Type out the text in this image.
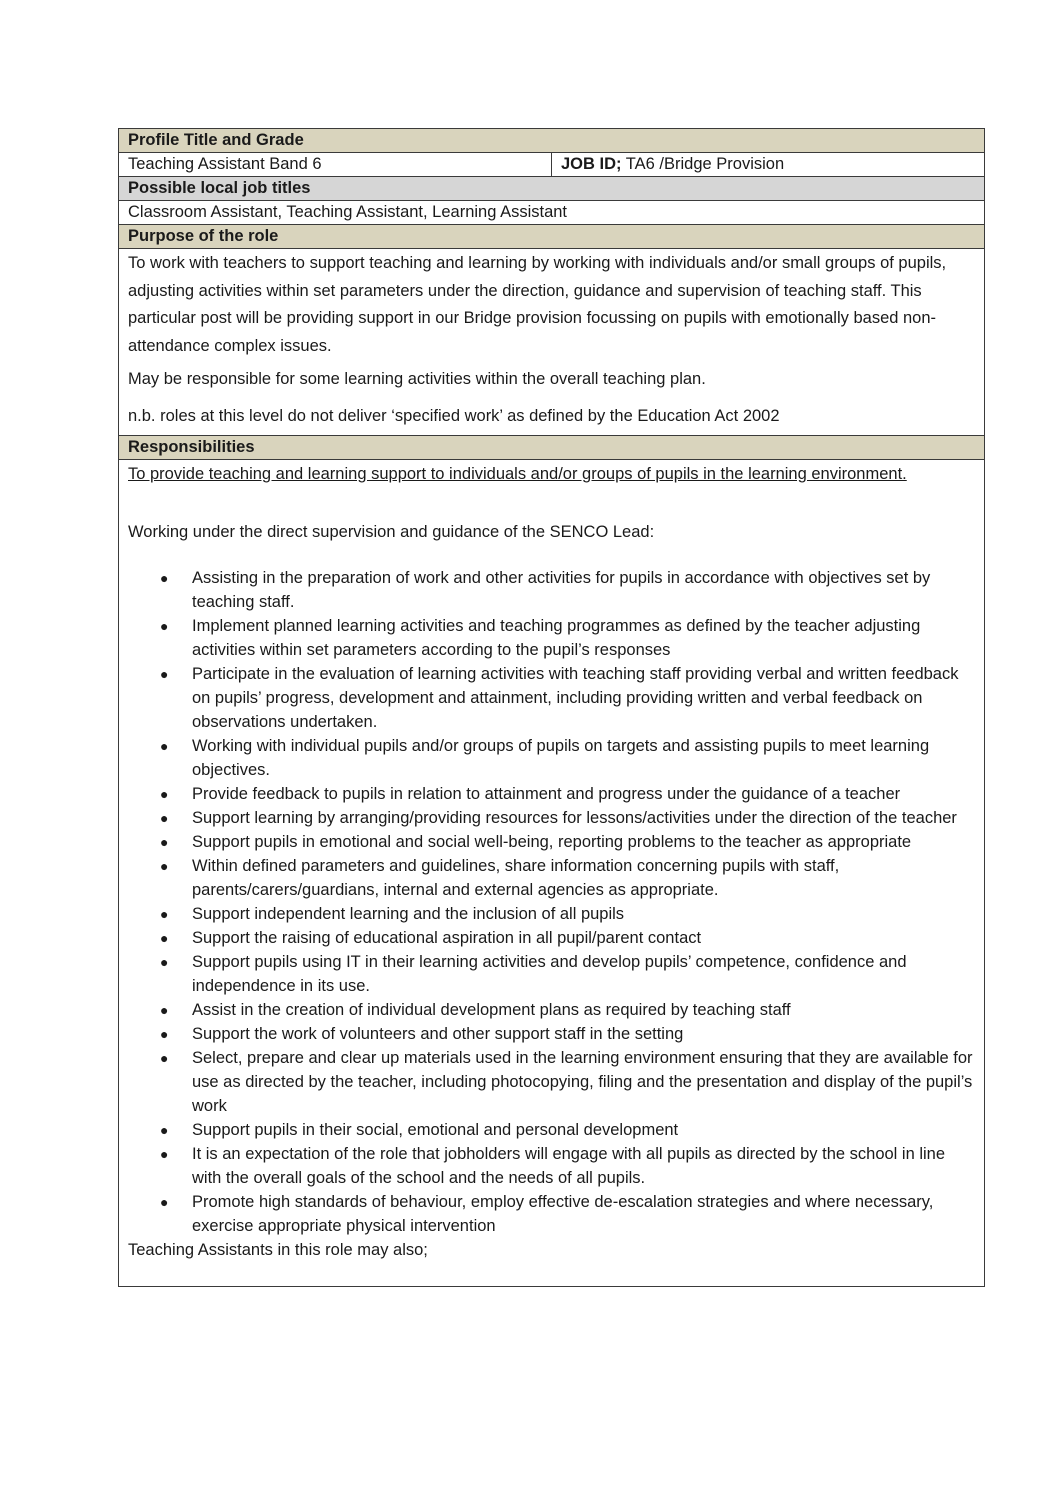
Profile Title and Grade
Teaching Assistant Band 6	JOB ID; TA6 /Bridge Provision
Possible local job titles
Classroom Assistant, Teaching Assistant, Learning Assistant
Purpose of the role

To work with teachers to support teaching and learning by working with individuals and/or small groups of pupils, adjusting activities within set parameters under the direction, guidance and supervision of teaching staff. This particular post will be providing support in our Bridge provision focussing on pupils with emotionally based non-attendance complex issues.

May be responsible for some learning activities within the overall teaching plan.

n.b. roles at this level do not deliver ‘specified work’ as defined by the Education Act 2002

Responsibilities

To provide teaching and learning support to individuals and/or groups of pupils in the learning environment.

Working under the direct supervision and guidance of the SENCO Lead:

● Assisting in the preparation of work and other activities for pupils in accordance with objectives set by teaching staff.
● Implement planned learning activities and teaching programmes as defined by the teacher adjusting activities within set parameters according to the pupil’s responses
● Participate in the evaluation of learning activities with teaching staff providing verbal and written feedback on pupils’ progress, development and attainment, including providing written and verbal feedback on observations undertaken.
● Working with individual pupils and/or groups of pupils on targets and assisting pupils to meet learning objectives.
● Provide feedback to pupils in relation to attainment and progress under the guidance of a teacher
● Support learning by arranging/providing resources for lessons/activities under the direction of the teacher
● Support pupils in emotional and social well-being, reporting problems to the teacher as appropriate
● Within defined parameters and guidelines, share information concerning pupils with staff, parents/carers/guardians, internal and external agencies as appropriate.
● Support independent learning and the inclusion of all pupils
● Support the raising of educational aspiration in all pupil/parent contact
● Support pupils using IT in their learning activities and develop pupils’ competence, confidence and independence in its use.
● Assist in the creation of individual development plans as required by teaching staff
● Support the work of volunteers and other support staff in the setting
● Select, prepare and clear up materials used in the learning environment ensuring that they are available for use as directed by the teacher, including photocopying, filing and the presentation and display of the pupil’s work
● Support pupils in their social, emotional and personal development
● It is an expectation of the role that jobholders will engage with all pupils as directed by the school in line with the overall goals of the school and the needs of all pupils.
● Promote high standards of behaviour, employ effective de-escalation strategies and where necessary, exercise appropriate physical intervention

Teaching Assistants in this role may also;
